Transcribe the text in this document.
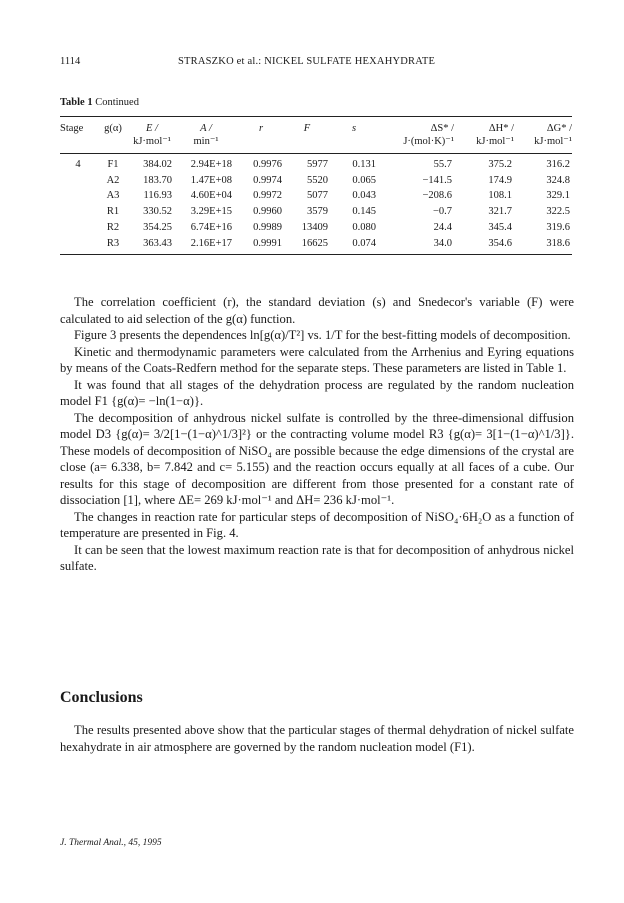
1114	STRASZKO et al.: NICKEL SULFATE HEXAHYDRATE
Table 1 Continued
Stage	g(α)	E /	A /	r	F	s	ΔS* /	ΔH* /	ΔG* /
		kJ·mol⁻¹	min⁻¹				J·(mol·K)⁻¹	kJ·mol⁻¹	kJ·mol⁻¹
4	F1	384.02	2.94E+18	0.9976	5977	0.131	55.7	375.2	316.2
	A2	183.70	1.47E+08	0.9974	5520	0.065	−141.5	174.9	324.8
	A3	116.93	4.60E+04	0.9972	5077	0.043	−208.6	108.1	329.1
	R1	330.52	3.29E+15	0.9960	3579	0.145	−0.7	321.7	322.5
	R2	354.25	6.74E+16	0.9989	13409	0.080	24.4	345.4	319.6
	R3	363.43	2.16E+17	0.9991	16625	0.074	34.0	354.6	318.6

The correlation coefficient (r), the standard deviation (s) and Snedecor's variable (F) were calculated to aid selection of the g(α) function.

Figure 3 presents the dependences ln[g(α)/T²] vs. 1/T for the best-fitting models of decomposition.

Kinetic and thermodynamic parameters were calculated from the Arrhenius and Eyring equations by means of the Coats-Redfern method for the separate steps. These parameters are listed in Table 1.

It was found that all stages of the dehydration process are regulated by the random nucleation model F1 {g(α)= −ln(1−α)}.

The decomposition of anhydrous nickel sulfate is controlled by the three-dimensional diffusion model D3 {g(α)= 3/2[1−(1−α)^1/3]²} or the contracting volume model R3 {g(α)= 3[1−(1−α)^1/3]}. These models of decomposition of NiSO₄ are possible because the edge dimensions of the crystal are close (a= 6.338, b= 7.842 and c= 5.155) and the reaction occurs equally at all faces of a cube. Our results for this stage of decomposition are different from those presented for a constant rate of dissociation [1], where ΔE= 269 kJ·mol⁻¹ and ΔH= 236 kJ·mol⁻¹.

The changes in reaction rate for particular steps of decomposition of NiSO₄·6H₂O as a function of temperature are presented in Fig. 4.

It can be seen that the lowest maximum reaction rate is that for decomposition of anhydrous nickel sulfate.

Conclusions

The results presented above show that the particular stages of thermal dehydration of nickel sulfate hexahydrate in air atmosphere are governed by the random nucleation model (F1).

J. Thermal Anal., 45, 1995
